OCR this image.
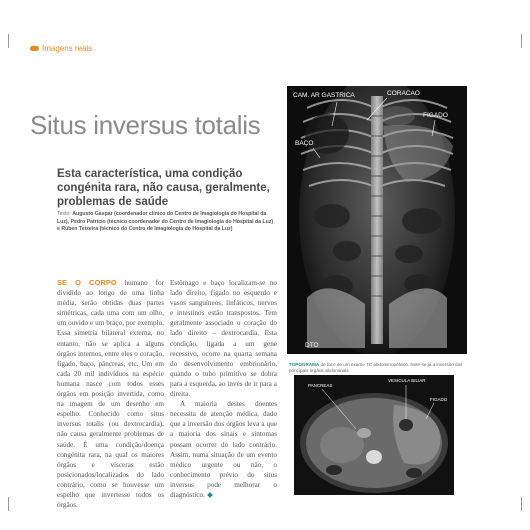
Imagens reais
Situs inversus totalis
Esta característica, uma condição congénita rara, não causa, geralmente, problemas de saúde
Texto: Augusto Gaspar (coordenador clínico do Centro de Imagiologia do Hospital da Luz), Pedro Patrício (técnico coordenador do Centro de Imagiologia do Hospital da Luz) e Rúben Teixeira (técnico do Centro de Imagiologia do Hospital da Luz)

SE O CORPO humano for dividido ao longo de uma linha média, serão obtidas duas partes simétricas, cada uma com um olho, um ouvido e um braço, por exemplo. Essa simetria bilateral externa, no entanto, não se aplica a alguns órgãos internos, entre eles o coração, fígado, baço, pâncreas, etc. Um em cada 20 mil indivíduos na espécie humana nasce com todos esses órgãos em posição invertida, como na imagem de um desenho em espelho. Conhecido como situs inversus totalis (ou dextrocardia), não causa geralmente problemas de saúde. É uma condição/doença congénita rara, na qual os maiores órgãos e vísceras estão posicionados/localizados do lado contrário, como se houvesse um espelho que invertesse todos os órgãos.

Estômago e baço localizam-se no lado direito, fígado no esquerdo e vasos sanguíneos, linfáticos, nervos e intestinos estão transpostos. Tem geralmente associado o coração do lado direito – dextrocardia. Esta condição, ligada a um gene recessivo, ocorre na quarta semana do desenvolvimento embrionário, quando o tubo primitivo se dobra para a esquerda, ao invés de ir para a direita.

A maioria destes doentes necessita de atenção médica, dado que a inversão dos órgãos leva a que a maioria dos sinais e sintomas possam ocorrer do lado contrário. Assim, numa situação de um evento médico urgente ou não, o conhecimento prévio do situs inversus pode melhorar o diagnóstico.

CAM. AR GASTRICA	CORACAO
FIGADO
BAÇO
DTO
TOPOGRAMA de face de um exame TC abdominopélvico. Note-se já a inversão dos principais órgãos abdominais
PANCREAS
VESICULA BILIAR
FIGADO
